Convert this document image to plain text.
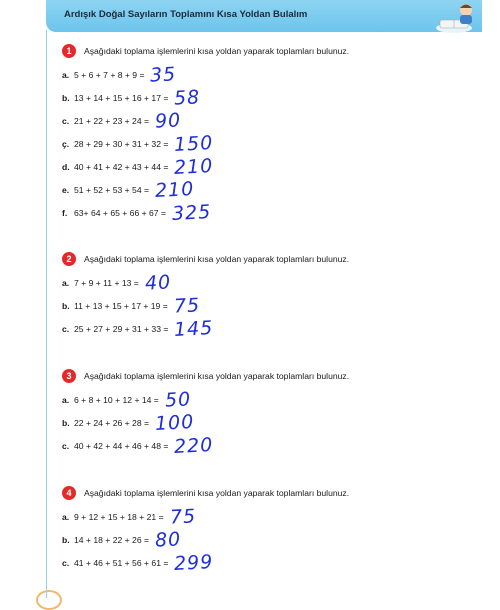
Ardışık Doğal Sayıların Toplamını Kısa Yoldan Bulalım
1 Aşağıdaki toplama işlemlerini kısa yoldan yaparak toplamları bulunuz.
a. 5 + 6 + 7 + 8 + 9 = 35
b. 13 + 14 + 15 + 16 + 17 = 58
c. 21 + 22 + 23 + 24 = 90
ç. 28 + 29 + 30 + 31 + 32 = 150
d. 40 + 41 + 42 + 43 + 44 = 210
e. 51 + 52 + 53 + 54 = 210
f. 63+ 64 + 65 + 66 + 67 = 325
2 Aşağıdaki toplama işlemlerini kısa yoldan yaparak toplamları bulunuz.
a. 7 + 9 + 11 + 13 = 40
b. 11 + 13 + 15 + 17 + 19 = 75
c. 25 + 27 + 29 + 31 + 33 = 145
3 Aşağıdaki toplama işlemlerini kısa yoldan yaparak toplamları bulunuz.
a. 6 + 8 + 10 + 12 + 14 = 50
b. 22 + 24 + 26 + 28 = 100
c. 40 + 42 + 44 + 46 + 48 = 220
4 Aşağıdaki toplama işlemlerini kısa yoldan yaparak toplamları bulunuz.
a. 9 + 12 + 15 + 18 + 21 = 75
b. 14 + 18 + 22 + 26 = 80
c. 41 + 46 + 51 + 56 + 61 = 299
